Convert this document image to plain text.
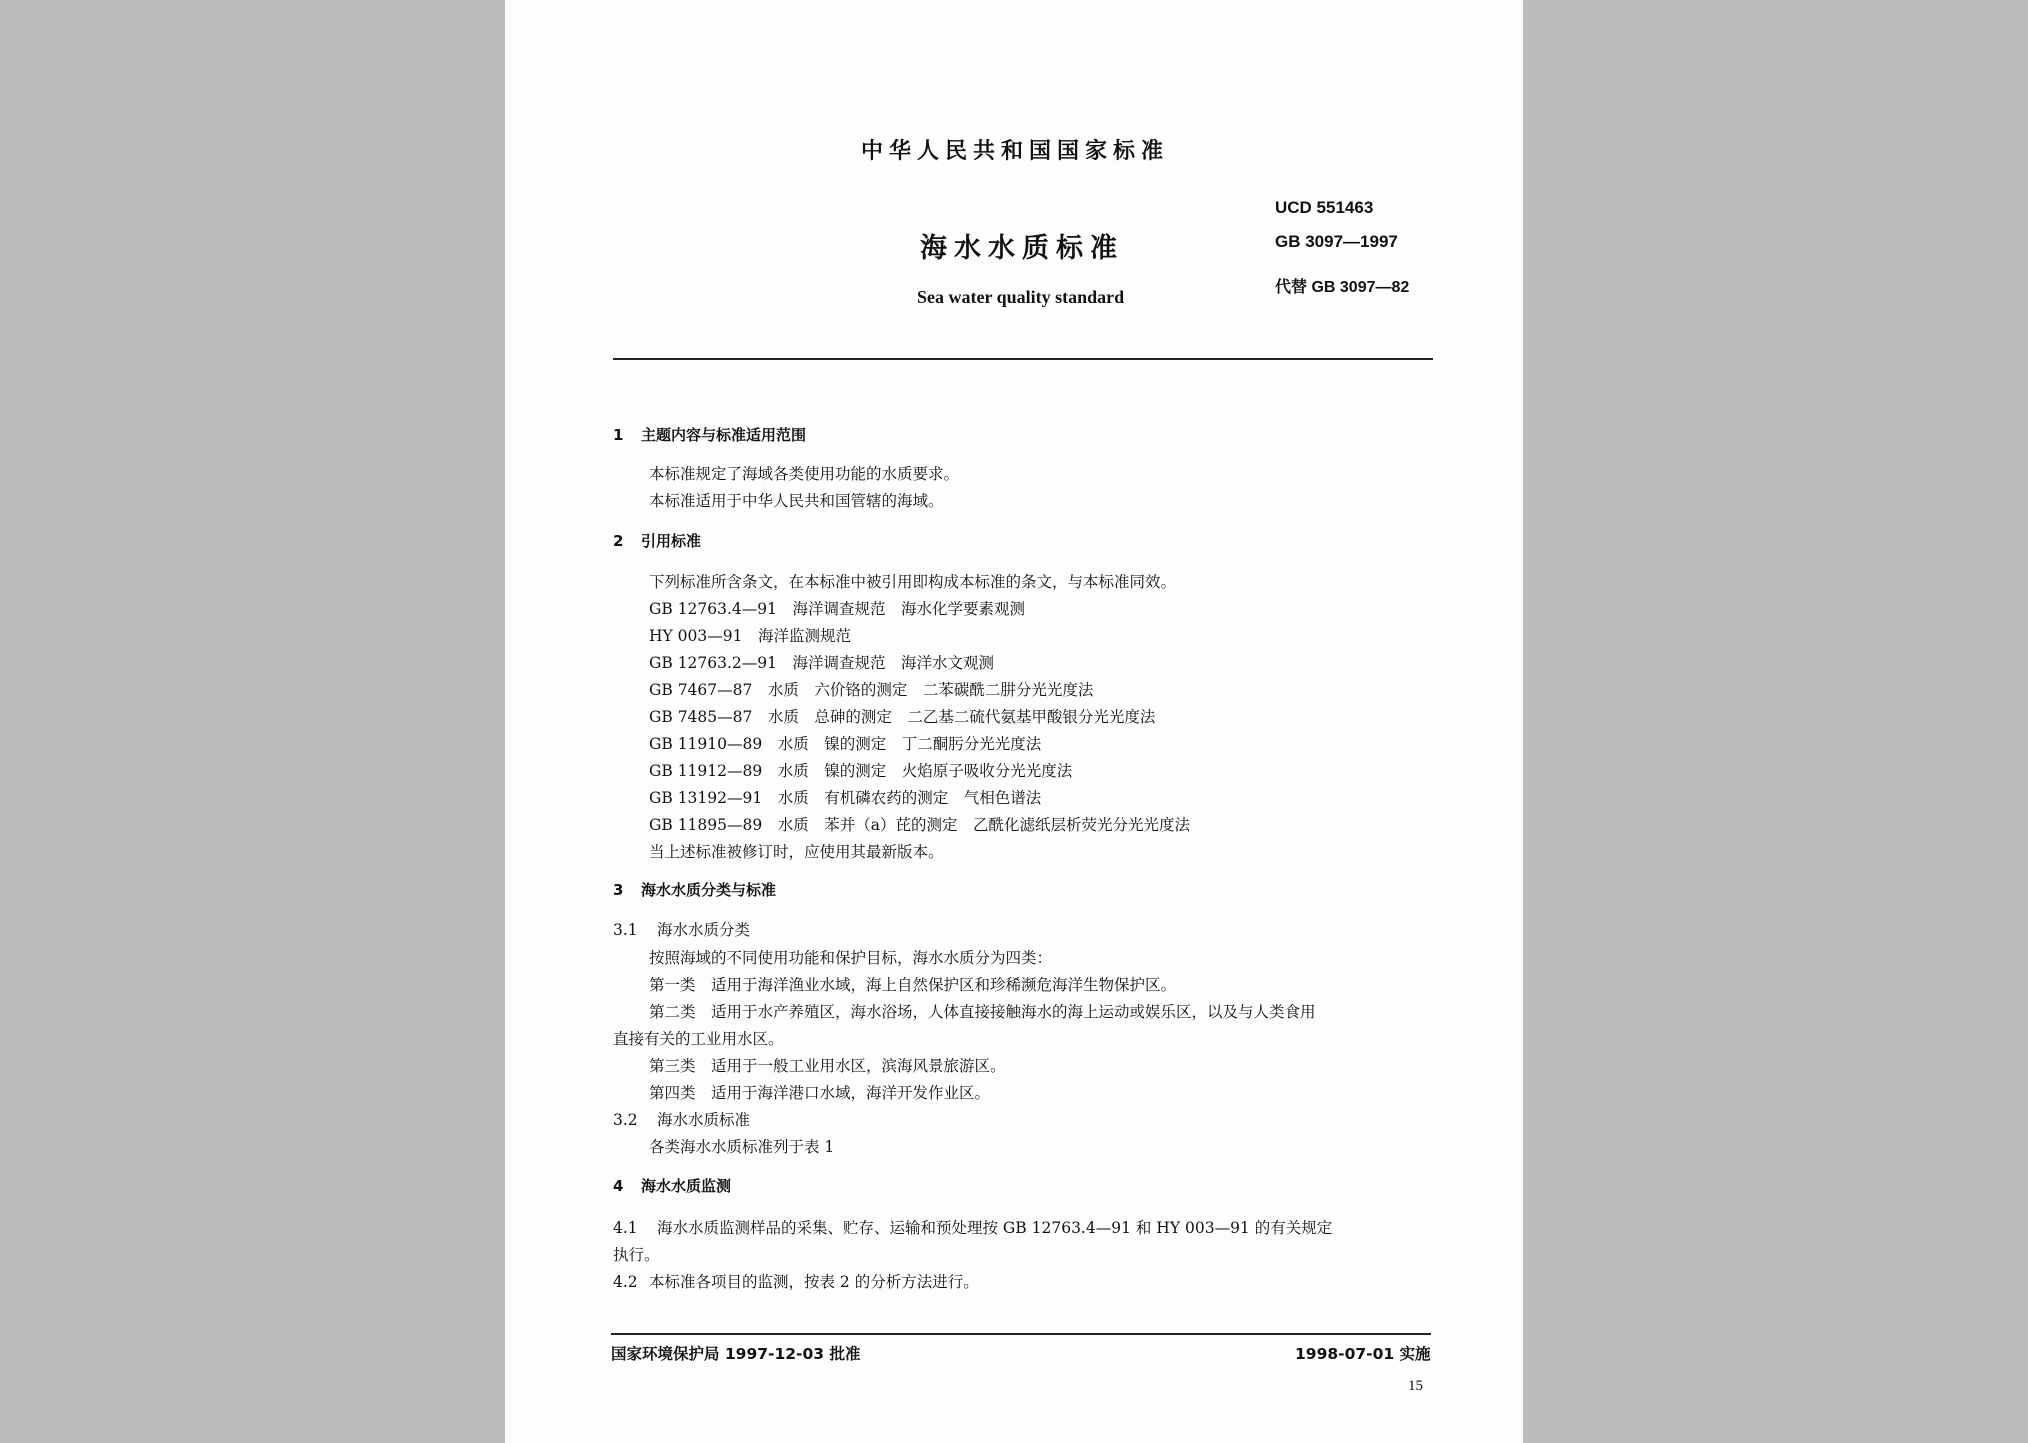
中华人民共和国国家标准
UCD 551463
海水水质标准	GB 3097—1997
代替 GB 3097—82
Sea water quality standard
1 主题内容与标准适用范围
本标准规定了海域各类使用功能的水质要求。
本标准适用于中华人民共和国管辖的海域。
2 引用标准
下列标准所含条文，在本标准中被引用即构成本标准的条文，与本标准同效。
GB 12763.4—91　海洋调查规范　海水化学要素观测
HY 003—91　海洋监测规范
GB 12763.2—91　海洋调查规范　海洋水文观测
GB 7467—87　水质　六价铬的测定　二苯碳酰二肼分光光度法
GB 7485—87　水质　总砷的测定　二乙基二硫代氨基甲酸银分光光度法
GB 11910—89　水质　镍的测定　丁二酮肟分光光度法
GB 11912—89　水质　镍的测定　火焰原子吸收分光光度法
GB 13192—91　水质　有机磷农药的测定　气相色谱法
GB 11895—89　水质　苯并（a）芘的测定　乙酰化滤纸层析荧光分光光度法
当上述标准被修订时，应使用其最新版本。
3 海水水质分类与标准
3.1 海水水质分类
按照海域的不同使用功能和保护目标，海水水质分为四类：
第一类　适用于海洋渔业水域，海上自然保护区和珍稀濒危海洋生物保护区。
第二类　适用于水产养殖区，海水浴场，人体直接接触海水的海上运动或娱乐区，以及与人类食用
直接有关的工业用水区。
第三类　适用于一般工业用水区，滨海风景旅游区。
第四类　适用于海洋港口水域，海洋开发作业区。
3.2 海水水质标准
各类海水水质标准列于表 1
4 海水水质监测
4.1 海水水质监测样品的采集、贮存、运输和预处理按 GB 12763.4—91 和 HY 003—91 的有关规定
执行。
4.2 本标准各项目的监测，按表 2 的分析方法进行。
国家环境保护局 1997-12-03 批准	1998-07-01 实施
15
